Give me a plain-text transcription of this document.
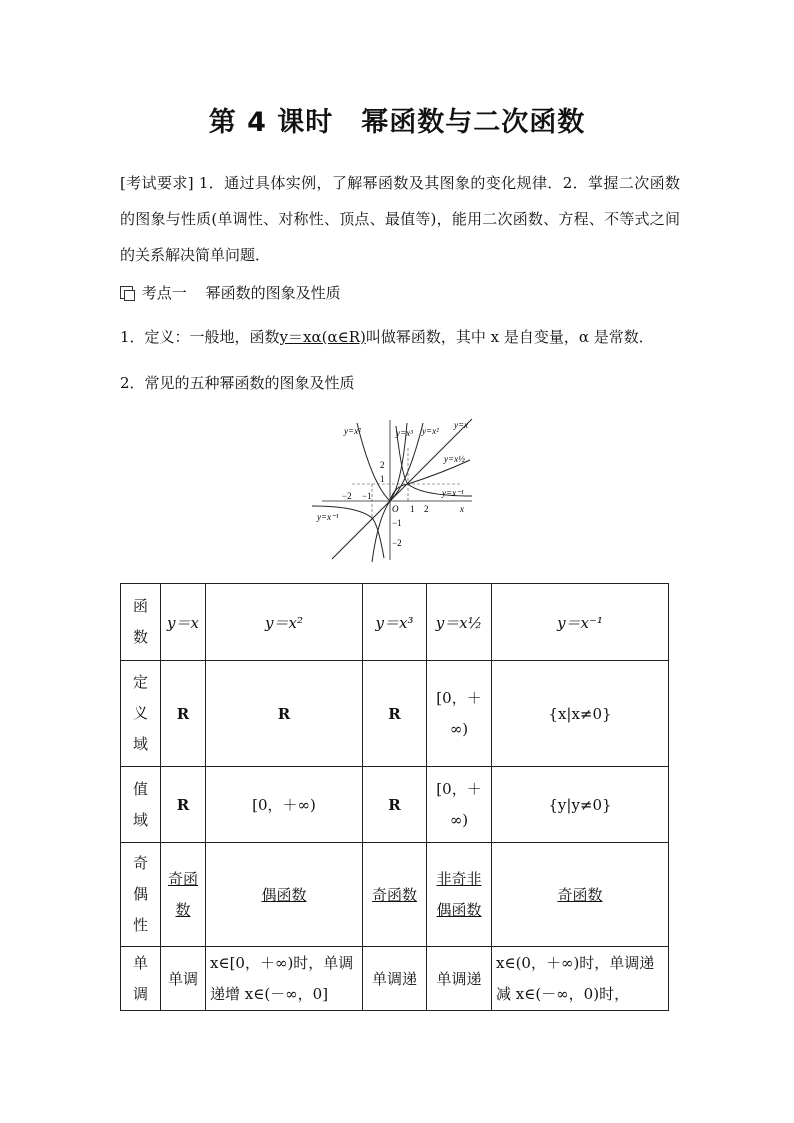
第 4 课时　幂函数与二次函数
[考试要求] 1．通过具体实例，了解幂函数及其图象的变化规律．2．掌握二次函数的图象与性质(单调性、对称性、顶点、最值等)，能用二次函数、方程、不等式之间的关系解决简单问题．
考点一 幂函数的图象及性质
1．定义：一般地，函数y＝xα(α∈R)叫做幂函数，其中 x 是自变量，α 是常数．
2．常见的五种幂函数的图象及性质
y=x²	y=x³ y=x²
y=x
y=x½
y=x⁻¹
y=x⁻¹
x
2
1
−1
−2
−2 −1
1 2
O
函
数	y＝x	y＝x²	y＝x³	y＝x½	y＝x⁻¹

定
义
域	R	R	R	[0，＋∞)	{x|x≠0}

值
域	R	[0，＋∞)	R	[0，＋∞)	{y|y≠0}

奇
偶
性	奇函数	偶函数	奇函数	非奇非偶函数	奇函数

单
调	单调	x∈[0，＋∞)时，单调递增 x∈(－∞，0]	单调递	单调递	x∈(0，＋∞)时，单调递减 x∈(－∞，0)时，
